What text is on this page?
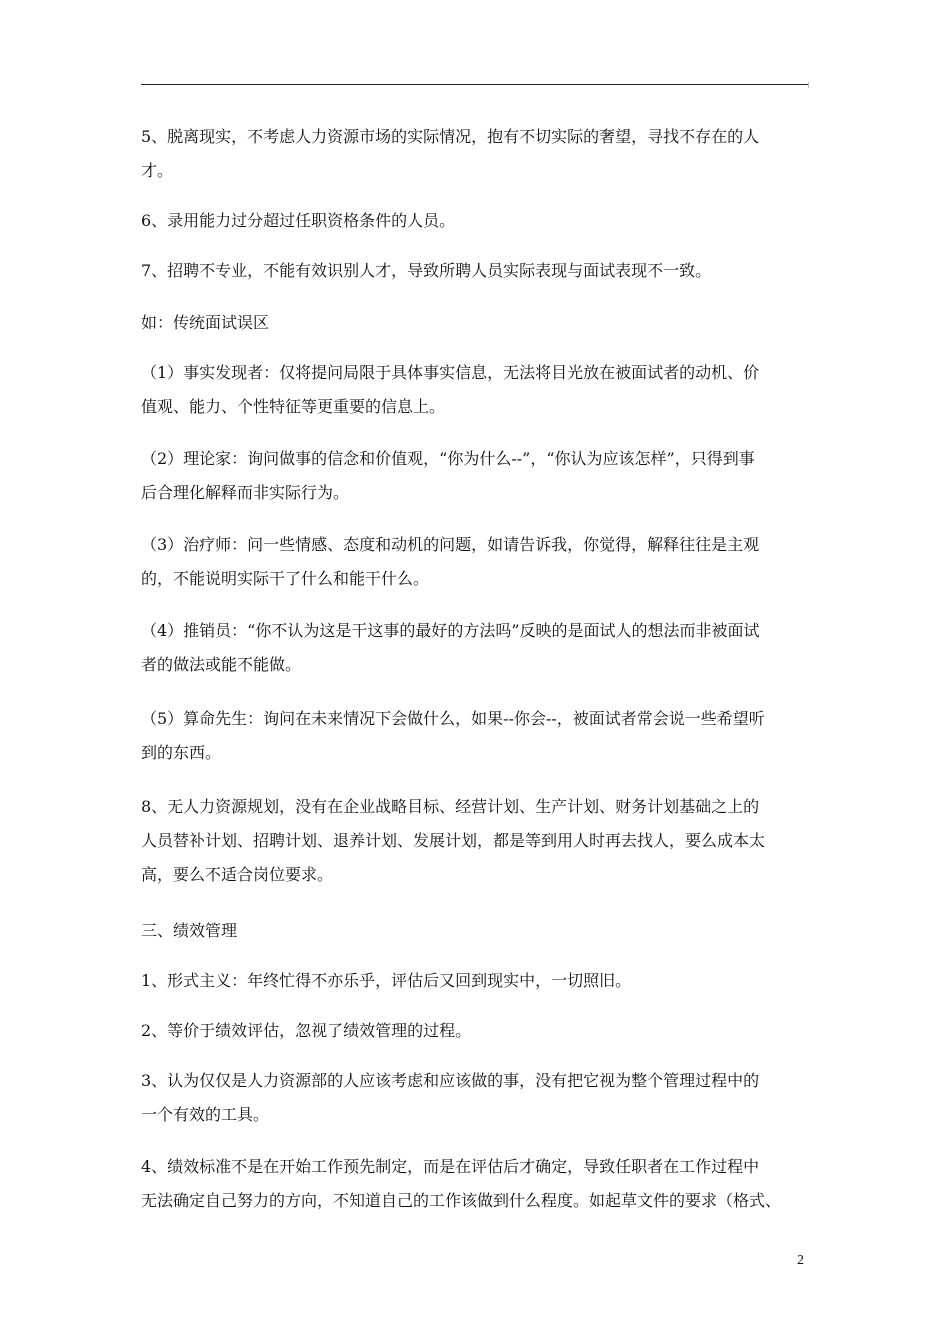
5、脱离现实，不考虑人力资源市场的实际情况，抱有不切实际的奢望，寻找不存在的人
才。

6、录用能力过分超过任职资格条件的人员。

7、招聘不专业，不能有效识别人才，导致所聘人员实际表现与面试表现不一致。

如：传统面试误区

（1）事实发现者：仅将提问局限于具体事实信息，无法将目光放在被面试者的动机、价
值观、能力、个性特征等更重要的信息上。

（2）理论家：询问做事的信念和价值观，“你为什么--”，“你认为应该怎样”，只得到事
后合理化解释而非实际行为。

（3）治疗师：问一些情感、态度和动机的问题，如请告诉我，你觉得，解释往往是主观
的，不能说明实际干了什么和能干什么。

（4）推销员：“你不认为这是干这事的最好的方法吗”反映的是面试人的想法而非被面试
者的做法或能不能做。

（5）算命先生：询问在未来情况下会做什么，如果--你会--，被面试者常会说一些希望听
到的东西。

8、无人力资源规划，没有在企业战略目标、经营计划、生产计划、财务计划基础之上的
人员替补计划、招聘计划、退养计划、发展计划，都是等到用人时再去找人，要么成本太
高，要么不适合岗位要求。

三、绩效管理

1、形式主义：年终忙得不亦乐乎，评估后又回到现实中，一切照旧。

2、等价于绩效评估，忽视了绩效管理的过程。

3、认为仅仅是人力资源部的人应该考虑和应该做的事，没有把它视为整个管理过程中的
一个有效的工具。

4、绩效标准不是在开始工作预先制定，而是在评估后才确定，导致任职者在工作过程中
无法确定自己努力的方向，不知道自己的工作该做到什么程度。如起草文件的要求（格式、

2
